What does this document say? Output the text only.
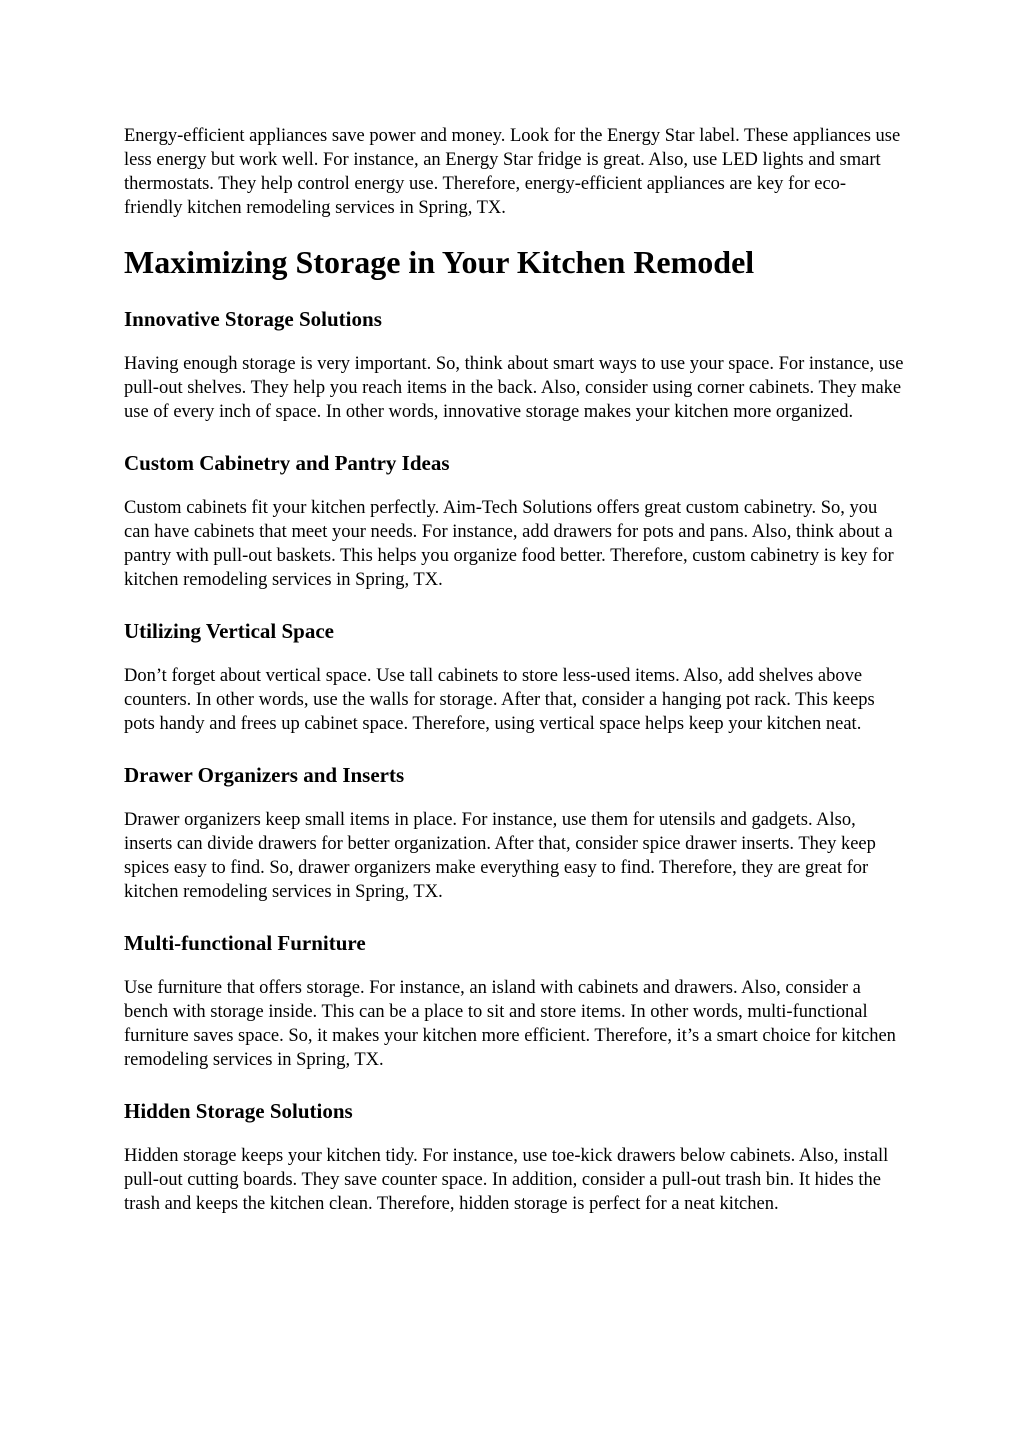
Energy-efficient appliances save power and money. Look for the Energy Star label. These appliances use less energy but work well. For instance, an Energy Star fridge is great. Also, use LED lights and smart thermostats. They help control energy use. Therefore, energy-efficient appliances are key for eco-friendly kitchen remodeling services in Spring, TX.

Maximizing Storage in Your Kitchen Remodel
Innovative Storage Solutions

Having enough storage is very important. So, think about smart ways to use your space. For instance, use pull-out shelves. They help you reach items in the back. Also, consider using corner cabinets. They make use of every inch of space. In other words, innovative storage makes your kitchen more organized.

Custom Cabinetry and Pantry Ideas

Custom cabinets fit your kitchen perfectly. Aim-Tech Solutions offers great custom cabinetry. So, you can have cabinets that meet your needs. For instance, add drawers for pots and pans. Also, think about a pantry with pull-out baskets. This helps you organize food better. Therefore, custom cabinetry is key for kitchen remodeling services in Spring, TX.

Utilizing Vertical Space

Don’t forget about vertical space. Use tall cabinets to store less-used items. Also, add shelves above counters. In other words, use the walls for storage. After that, consider a hanging pot rack. This keeps pots handy and frees up cabinet space. Therefore, using vertical space helps keep your kitchen neat.

Drawer Organizers and Inserts

Drawer organizers keep small items in place. For instance, use them for utensils and gadgets. Also, inserts can divide drawers for better organization. After that, consider spice drawer inserts. They keep spices easy to find. So, drawer organizers make everything easy to find. Therefore, they are great for kitchen remodeling services in Spring, TX.

Multi-functional Furniture

Use furniture that offers storage. For instance, an island with cabinets and drawers. Also, consider a bench with storage inside. This can be a place to sit and store items. In other words, multi-functional furniture saves space. So, it makes your kitchen more efficient. Therefore, it’s a smart choice for kitchen remodeling services in Spring, TX.

Hidden Storage Solutions

Hidden storage keeps your kitchen tidy. For instance, use toe-kick drawers below cabinets. Also, install pull-out cutting boards. They save counter space. In addition, consider a pull-out trash bin. It hides the trash and keeps the kitchen clean. Therefore, hidden storage is perfect for a neat kitchen.
